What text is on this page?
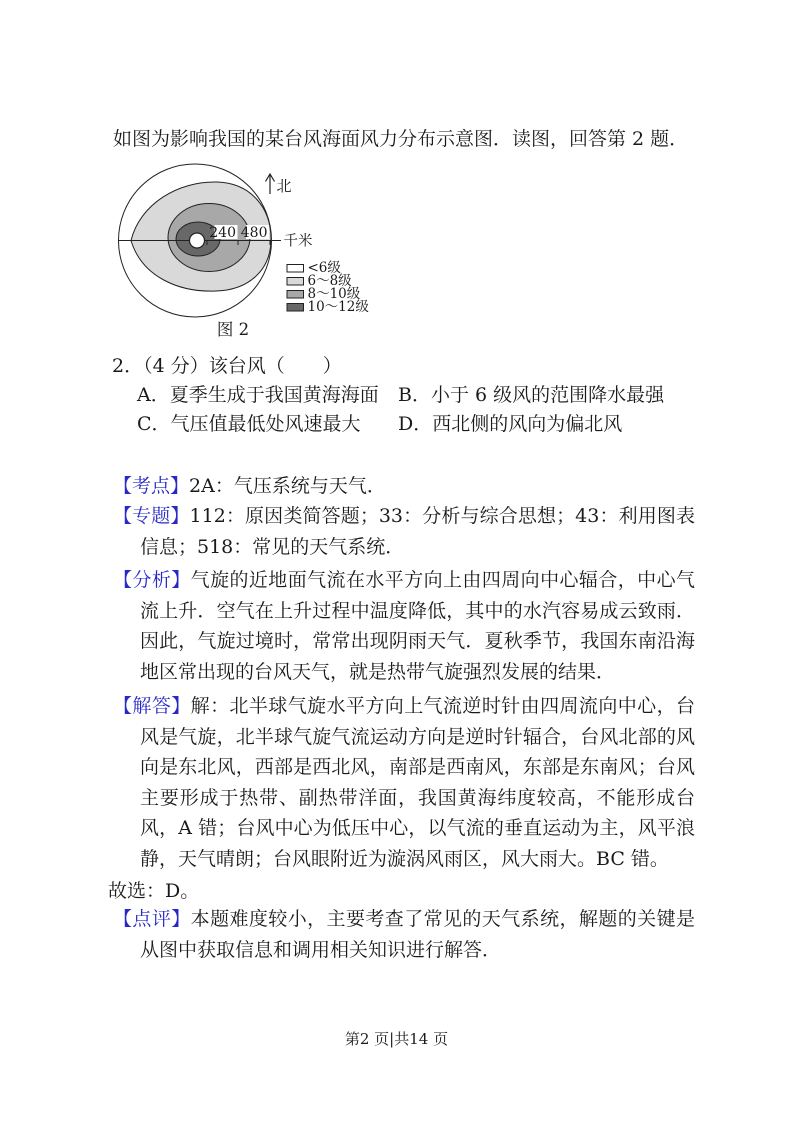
如图为影响我国的某台风海面风力分布示意图．读图，回答第 2 题．
240 480
千米
北
<6级
6～8级
8～10级
10～12级
图 2
2．（4 分）该台风（　　）
A．夏季生成于我国黄海海面 B．小于 6 级风的范围降水最强
C．气压值最低处风速最大 D．西北侧的风向为偏北风
【考点】2A：气压系统与天气．
【专题】112：原因类简答题；33：分析与综合思想；43：利用图表信息；518：常见的天气系统．
【分析】气旋的近地面气流在水平方向上由四周向中心辐合，中心气流上升．空气在上升过程中温度降低，其中的水汽容易成云致雨．因此，气旋过境时，常常出现阴雨天气．夏秋季节，我国东南沿海地区常出现的台风天气，就是热带气旋强烈发展的结果．
【解答】解：北半球气旋水平方向上气流逆时针由四周流向中心，台风是气旋，北半球气旋气流运动方向是逆时针辐合，台风北部的风向是东北风，西部是西北风，南部是西南风，东部是东南风；台风主要形成于热带、副热带洋面，我国黄海纬度较高，不能形成台风，A 错；台风中心为低压中心，以气流的垂直运动为主，风平浪静，天气晴朗；台风眼附近为漩涡风雨区，风大雨大。BC 错。
故选：D。
【点评】本题难度较小，主要考查了常见的天气系统，解题的关键是从图中获取信息和调用相关知识进行解答．
第2 页|共14 页
